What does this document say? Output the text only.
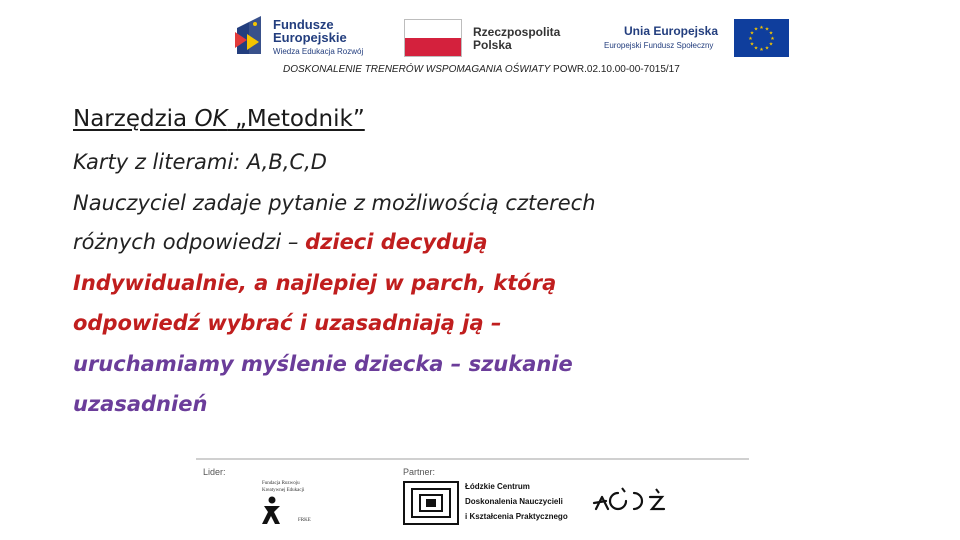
Fundusze
Europejskie
Wiedza Edukacja Rozwój
Rzeczpospolita
Polska
Unia Europejska
Europejski Fundusz Społeczny
★
★
★
★
★
★
★
★
★ ★ ★
★
DOSKONALENIE TRENERÓW WSPOMAGANIA OŚWIATY POWR.02.10.00-00-7015/17
Narzędzia OK „Metodnik”
Karty z literami: A,B,C,D
Nauczyciel zadaje pytanie z możliwością czterech
różnych odpowiedzi – dzieci decydują
Indywidualnie, a najlepiej w parch, którą
odpowiedź wybrać i uzasadniają ją –
uruchamiamy myślenie dziecka – szukanie
uzasadnień
Lider:	Partner:
Fundacja Rozwoju
Kreatywnej Edukacji
FRKE
Łódzkie Centrum
Doskonalenia Nauczycieli
i Kształcenia Praktycznego
